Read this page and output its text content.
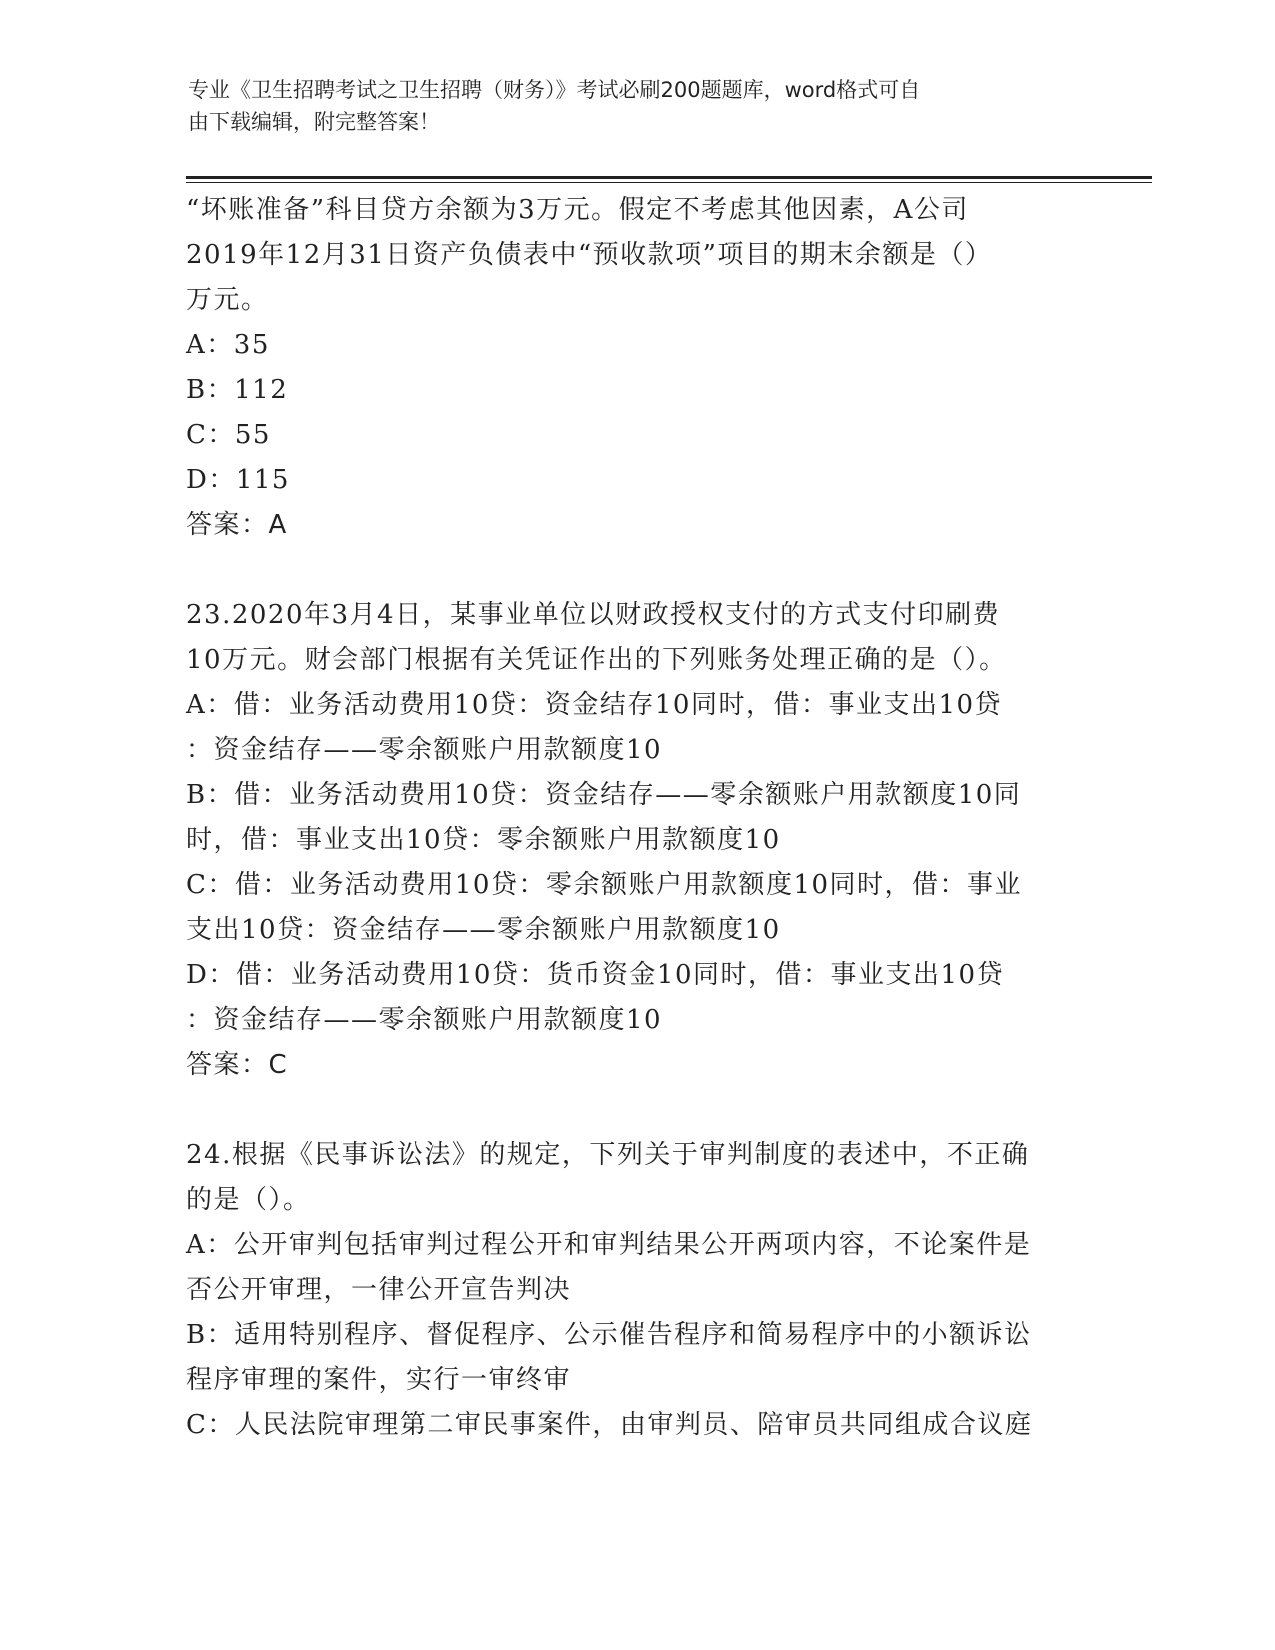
专业《卫生招聘考试之卫生招聘（财务）》考试必刷200题题库，word格式可自
由下载编辑，附完整答案！
“坏账准备”科目贷方余额为3万元。假定不考虑其他因素，A公司
2019年12月31日资产负债表中“预收款项”项目的期末余额是（）
万元。
A：35
B：112
C：55
D：115
答案：A
23.2020年3月4日，某事业单位以财政授权支付的方式支付印刷费
10万元。财会部门根据有关凭证作出的下列账务处理正确的是（）。
A：借：业务活动费用10贷：资金结存10同时，借：事业支出10贷
：资金结存——零余额账户用款额度10
B：借：业务活动费用10贷：资金结存——零余额账户用款额度10同
时，借：事业支出10贷：零余额账户用款额度10
C：借：业务活动费用10贷：零余额账户用款额度10同时，借：事业
支出10贷：资金结存——零余额账户用款额度10
D：借：业务活动费用10贷：货币资金10同时，借：事业支出10贷
：资金结存——零余额账户用款额度10
答案：C
24.根据《民事诉讼法》的规定，下列关于审判制度的表述中，不正确
的是（）。
A：公开审判包括审判过程公开和审判结果公开两项内容，不论案件是
否公开审理，一律公开宣告判决
B：适用特别程序、督促程序、公示催告程序和简易程序中的小额诉讼
程序审理的案件，实行一审终审
C：人民法院审理第二审民事案件，由审判员、陪审员共同组成合议庭
